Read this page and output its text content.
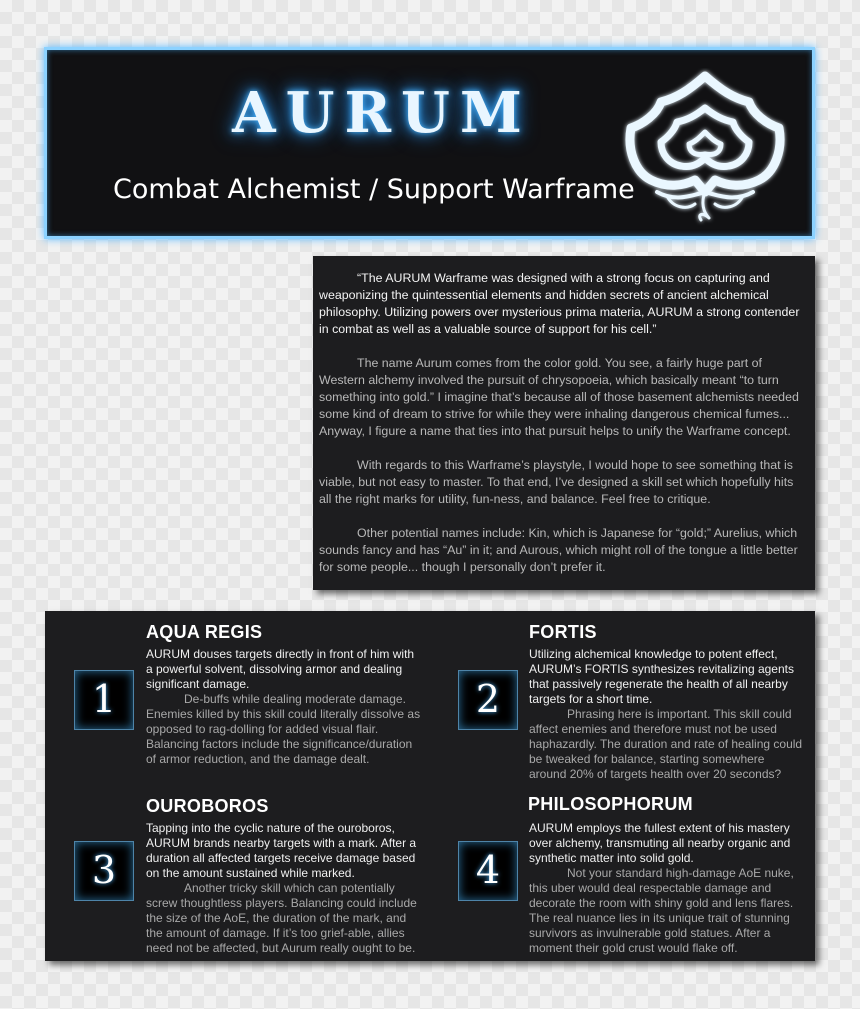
AURUM
Combat Alchemist / Support Warframe

“The AURUM Warframe was designed with a strong focus on capturing and weaponizing the quintessential elements and hidden secrets of ancient alchemical philosophy. Utilizing powers over mysterious prima materia, AURUM a strong contender in combat as well as a valuable source of support for his cell.”

The name Aurum comes from the color gold. You see, a fairly huge part of Western alchemy involved the pursuit of chrysopoeia, which basically meant “to turn something into gold.” I imagine that’s because all of those basement alchemists needed some kind of dream to strive for while they were inhaling dangerous chemical fumes... Anyway, I figure a name that ties into that pursuit helps to unify the Warframe concept.

With regards to this Warframe’s playstyle, I would hope to see something that is viable, but not easy to master. To that end, I’ve designed a skill set which hopefully hits all the right marks for utility, fun-ness, and balance. Feel free to critique.

Other potential names include: Kin, which is Japanese for “gold;” Aurelius, which sounds fancy and has “Au” in it; and Aurous, which might roll of the tongue a little better for some people... though I personally don’t prefer it.

1
AQUA REGIS
AURUM douses targets directly in front of him with a powerful solvent, dissolving armor and dealing significant damage.
De-buffs while dealing moderate damage. Enemies killed by this skill could literally dissolve as opposed to rag-dolling for added visual flair. Balancing factors include the significance/duration of armor reduction, and the damage dealt.
2
FORTIS
Utilizing alchemical knowledge to potent effect, AURUM’s FORTIS synthesizes revitalizing agents that passively regenerate the health of all nearby targets for a short time.
Phrasing here is important. This skill could affect enemies and therefore must not be used haphazardly. The duration and rate of healing could be tweaked for balance, starting somewhere around 20% of targets health over 20 seconds?
3
OUROBOROS
Tapping into the cyclic nature of the ouroboros, AURUM brands nearby targets with a mark. After a duration all affected targets receive damage based on the amount sustained while marked.
Another tricky skill which can potentially screw thoughtless players. Balancing could include the size of the AoE, the duration of the mark, and the amount of damage. If it’s too grief-able, allies need not be affected, but Aurum really ought to be.
4
PHILOSOPHORUM
AURUM employs the fullest extent of his mastery over alchemy, transmuting all nearby organic and synthetic matter into solid gold.
Not your standard high-damage AoE nuke, this uber would deal respectable damage and decorate the room with shiny gold and lens flares. The real nuance lies in its unique trait of stunning survivors as invulnerable gold statues. After a moment their gold crust would flake off.
